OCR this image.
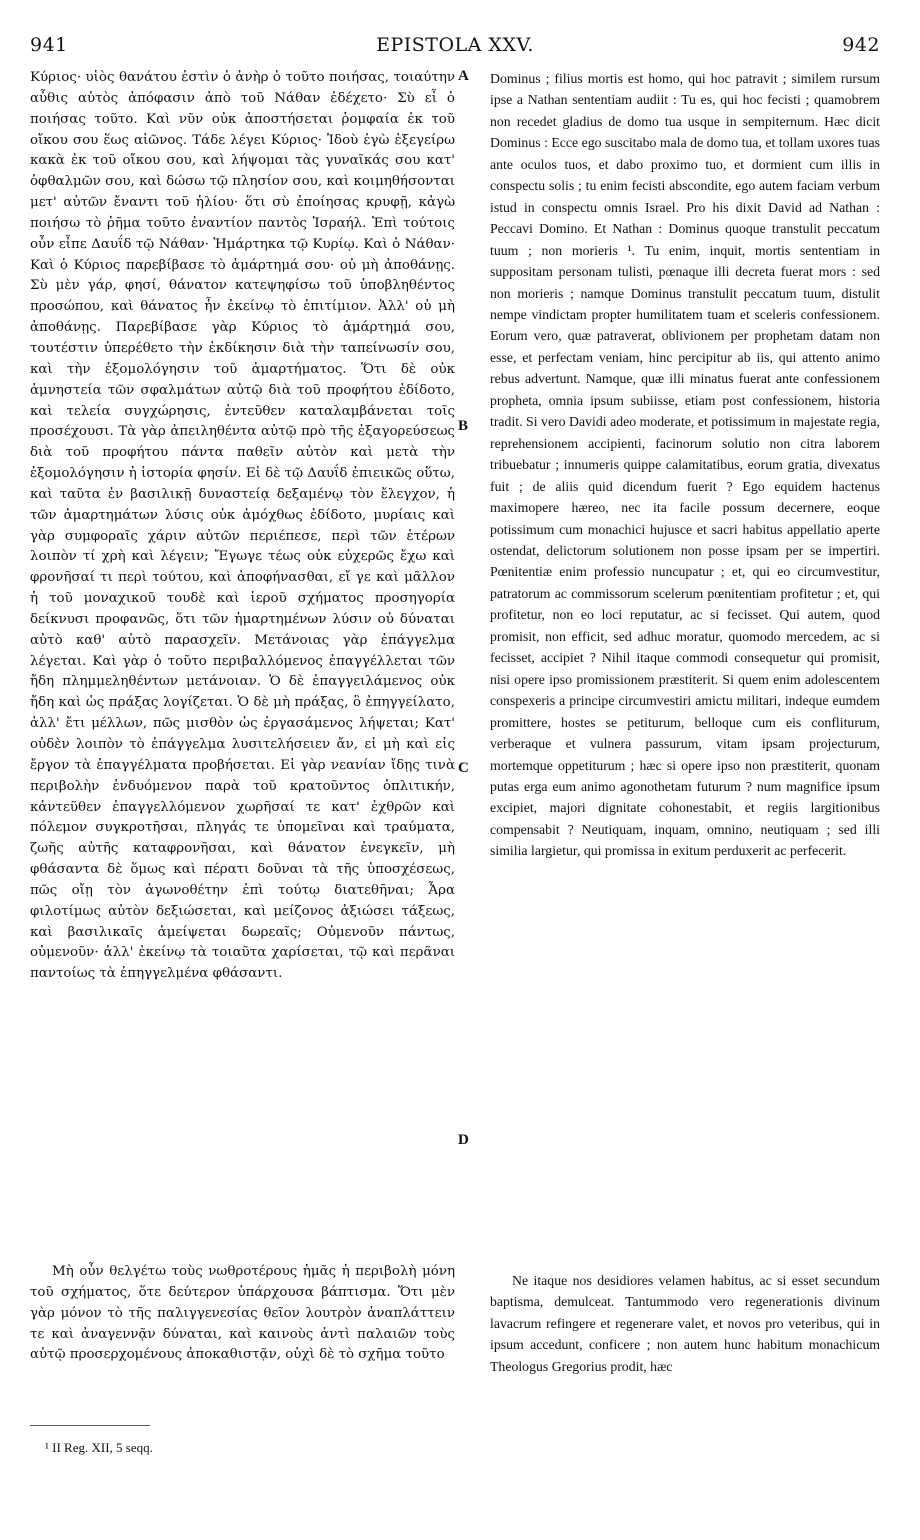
941	EPISTOLA XXV.	942

Κύριος· υἱὸς θανάτου ἐστὶν ὁ ἀνὴρ ὁ τοῦτο ποιήσας, τοιαύτην αὖθις αὐτὸς ἀπόφασιν ἀπὸ τοῦ Νάθαν ἐδέχετο· Σὺ εἶ ὁ ποιήσας τοῦτο. Καὶ νῦν οὐκ ἀποστήσεται ῥομφαία ἐκ τοῦ οἴκου σου ἕως αἰῶνος. Τάδε λέγει Κύριος· Ἰδοὺ ἐγὼ ἐξεγείρω κακὰ ἐκ τοῦ οἴκου σου, καὶ λήψομαι τὰς γυναῖκάς σου κατ' ὀφθαλμῶν σου, καὶ δώσω τῷ πλησίον σου, καὶ κοιμηθήσονται μετ' αὐτῶν ἔναντι τοῦ ἡλίου· ὅτι σὺ ἐποίησας κρυφῇ, κἀγὼ ποιήσω τὸ ῥῆμα τοῦτο ἐναντίον παντὸς Ἰσραήλ. Ἐπὶ τούτοις οὖν εἶπε Δαυΐδ τῷ Νάθαν· Ἡμάρτηκα τῷ Κυρίῳ. Καὶ ὁ Νάθαν· Καὶ ὁ Κύριος παρεβίβασε τὸ ἁμάρτημά σου· οὐ μὴ ἀποθάνῃς. Σὺ μὲν γάρ, φησί, θάνατον κατεψηφίσω τοῦ ὑποβληθέντος προσώπου, καὶ θάνατος ἦν ἐκείνῳ τὸ ἐπιτίμιον. Ἀλλ' οὐ μὴ ἀποθάνῃς. Παρεβίβασε γὰρ Κύριος τὸ ἁμάρτημά σου, τουτέστιν ὑπερέθετο τὴν ἐκδίκησιν διὰ τὴν ταπείνωσίν σου, καὶ τὴν ἐξομολόγησιν τοῦ ἁμαρτήματος. Ὅτι δὲ οὐκ ἀμνηστεία τῶν σφαλμάτων αὐτῷ διὰ τοῦ προφήτου ἐδίδοτο, καὶ τελεία συγχώρησις, ἐντεῦθεν καταλαμβάνεται τοῖς προσέχουσι. Τὰ γὰρ ἀπειληθέντα αὐτῷ πρὸ τῆς ἐξαγορεύσεως διὰ τοῦ προφήτου πάντα παθεῖν αὐτὸν καὶ μετὰ τὴν ἐξομολόγησιν ἡ ἱστορία φησίν. Εἰ δὲ τῷ Δαυΐδ ἐπιεικῶς οὕτω, καὶ ταῦτα ἐν βασιλικῇ δυναστείᾳ δεξαμένῳ τὸν ἔλεγχον, ἡ τῶν ἁμαρτημάτων λύσις οὐκ ἀμόχθως ἐδίδοτο, μυρίαις καὶ γὰρ συμφοραῖς χάριν αὐτῶν περιέπεσε, περὶ τῶν ἑτέρων λοιπὸν τί χρὴ καὶ λέγειν; Ἔγωγε τέως οὐκ εὐχερῶς ἔχω καὶ φρονῆσαί τι περὶ τούτου, καὶ ἀποφήνασθαι, εἴ γε καὶ μᾶλλον ἡ τοῦ μοναχικοῦ τουδὲ καὶ ἱεροῦ σχήματος προσηγορία δείκνυσι προφανῶς, ὅτι τῶν ἡμαρτημένων λύσιν οὐ δύναται αὐτὸ καθ' αὑτὸ παρασχεῖν. Μετάνοιας γὰρ ἐπάγγελμα λέγεται. Καὶ γὰρ ὁ τοῦτο περιβαλλόμενος ἐπαγγέλλεται τῶν ἤδη πλημμεληθέντων μετάνοιαν. Ὁ δὲ ἐπαγγειλάμενος οὐκ ἤδη καὶ ὡς πράξας λογίζεται. Ὁ δὲ μὴ πράξας, ὃ ἐπηγγείλατο, ἀλλ' ἔτι μέλλων, πῶς μισθὸν ὡς ἐργασάμενος λήψεται; Κατ' οὐδὲν λοιπὸν τὸ ἐπάγγελμα λυσιτελήσειεν ἄν, εἰ μὴ καὶ εἰς ἔργον τὰ ἐπαγγέλματα προβήσεται. Εἰ γὰρ νεανίαν ἴδῃς τινὰ περιβολὴν ἐνδυόμενον παρὰ τοῦ κρατοῦντος ὁπλιτικήν, κἀντεῦθεν ἐπαγγελλόμενον χωρῆσαί τε κατ' ἐχθρῶν καὶ πόλεμον συγκροτῆσαι, πληγάς τε ὑπομεῖναι καὶ τραύματα, ζωῆς αὐτῆς καταφρονῆσαι, καὶ θάνατον ἐνεγκεῖν, μὴ φθάσαντα δὲ ὅμως καὶ πέρατι δοῦναι τὰ τῆς ὑποσχέσεως, πῶς οἴῃ τὸν ἀγωνοθέτην ἐπὶ τούτῳ διατεθῆναι; Ἆρα φιλοτίμως αὐτὸν δεξιώσεται, καὶ μείζονος ἀξιώσει τάξεως, καὶ βασιλικαῖς ἀμείψεται δωρεαῖς; Οὐμενοῦν πάντως, οὐμενοῦν· ἀλλ' ἐκείνῳ τὰ τοιαῦτα χαρίσεται, τῷ καὶ περᾶναι παντοίως τὰ ἐπηγγελμένα φθάσαντι.

A
B
C
D

Dominus ; filius mortis est homo, qui hoc patravit ; similem rursum ipse a Nathan sententiam audiit : Tu es, qui hoc fecisti ; quamobrem non recedet gladius de domo tua usque in sempiternum. Hæc dicit Dominus : Ecce ego suscitabo mala de domo tua, et tollam uxores tuas ante oculos tuos, et dabo proximo tuo, et dormient cum illis in conspectu solis ; tu enim fecisti abscondite, ego autem faciam verbum istud in conspectu omnis Israel. Pro his dixit David ad Nathan : Peccavi Domino. Et Nathan : Dominus quoque transtulit peccatum tuum ; non morieris ¹. Tu enim, inquit, mortis sententiam in suppositam personam tulisti, pœnaque illi decreta fuerat mors : sed non morieris ; namque Dominus transtulit peccatum tuum, distulit nempe vindictam propter humilitatem tuam et sceleris confessionem. Eorum vero, quæ patraverat, oblivionem per prophetam datam non esse, et perfectam veniam, hinc percipitur ab iis, qui attento animo rebus advertunt. Namque, quæ illi minatus fuerat ante confessionem propheta, omnia ipsum subiisse, etiam post confessionem, historia tradit. Si vero Davidi adeo moderate, et potissimum in majestate regia, reprehensionem accipienti, facinorum solutio non citra laborem tribuebatur ; innumeris quippe calamitatibus, eorum gratia, divexatus fuit ; de aliis quid dicendum fuerit ? Ego equidem hactenus maximopere hæreo, nec ita facile possum decernere, eoque potissimum cum monachici hujusce et sacri habitus appellatio aperte ostendat, delictorum solutionem non posse ipsam per se impertiri. Pœnitentiæ enim professio nuncupatur ; et, qui eo circumvestitur, patratorum ac commissorum scelerum pœnitentiam profitetur ; et, qui profitetur, non eo loci reputatur, ac si fecisset. Qui autem, quod promisit, non efficit, sed adhuc moratur, quomodo mercedem, ac si fecisset, accipiet ? Nihil itaque commodi consequetur qui promisit, nisi opere ipso promissionem præstiterit. Si quem enim adolescentem conspexeris a principe circumvestiri amictu militari, indeque eumdem promittere, hostes se petiturum, belloque cum eis confliturum, verberaque et vulnera passurum, vitam ipsam projecturum, mortemque oppetiturum ; hæc si opere ipso non præstiterit, quonam putas erga eum animo agonothetam futurum ? num magnifice ipsum excipiet, majori dignitate cohonestabit, et regiis largitionibus compensabit ? Neutiquam, inquam, omnino, neutiquam ; sed illi similia largietur, qui promissa in exitum perduxerit ac perfecerit.

Μὴ οὖν θελγέτω τοὺς νωθροτέρους ἡμᾶς ἡ περιβολὴ μόνη τοῦ σχήματος, ὅτε δεύτερον ὑπάρχουσα βάπτισμα. Ὅτι μὲν γὰρ μόνον τὸ τῆς παλιγγενεσίας θεῖον λουτρὸν ἀναπλάττειν τε καὶ ἀναγεννᾷν δύναται, καὶ καινοὺς ἀντὶ παλαιῶν τοὺς αὐτῷ προσερχομένους ἀποκαθιστᾷν, οὐχὶ δὲ τὸ σχῆμα τοῦτο

Ne itaque nos desidiores velamen habitus, ac si esset secundum baptisma, demulceat. Tantummodo vero regenerationis divinum lavacrum refingere et regenerare valet, et novos pro veteribus, qui in ipsum accedunt, conficere ; non autem hunc habitum monachicum Theologus Gregorius prodit, hæc

¹ II Reg. XII, 5 seqq.
